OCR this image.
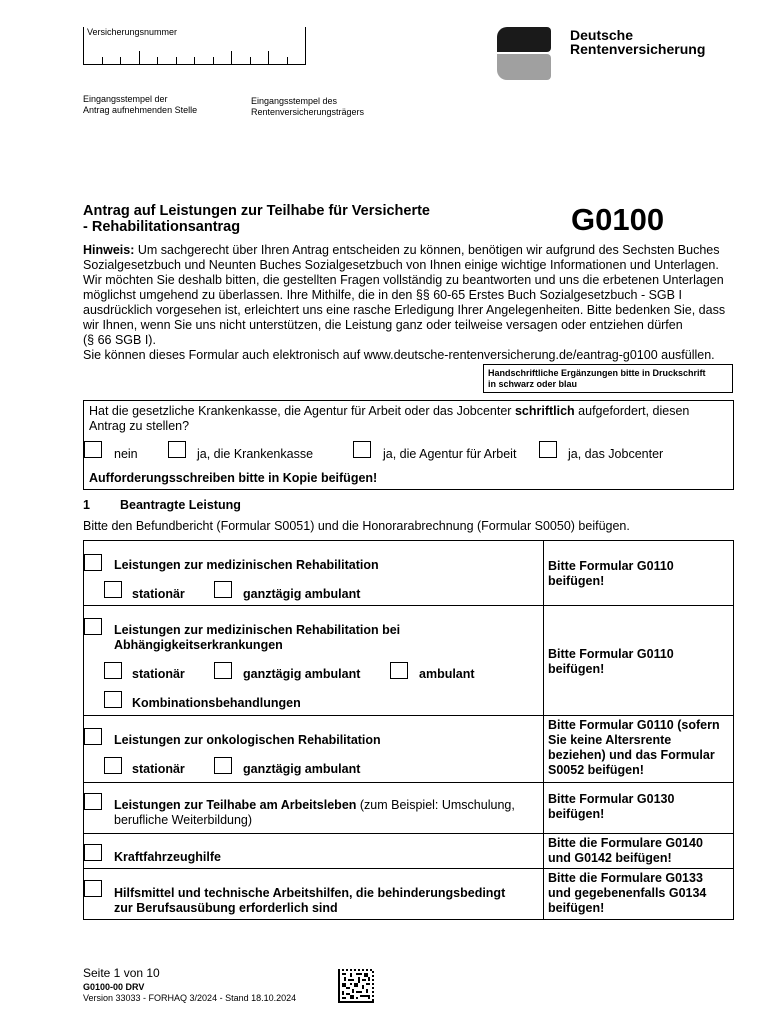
Versicherungsnummer
Eingangsstempel der
Antrag aufnehmenden Stelle
Eingangsstempel des
Rentenversicherungsträgers
Deutsche
Rentenversicherung
Antrag auf Leistungen zur Teilhabe für Versicherte
- Rehabilitationsantrag	G0100
Hinweis: Um sachgerecht über Ihren Antrag entscheiden zu können, benötigen wir aufgrund des Sechsten Buches
Sozialgesetzbuch und Neunten Buches Sozialgesetzbuch von Ihnen einige wichtige Informationen und Unterlagen.
Wir möchten Sie deshalb bitten, die gestellten Fragen vollständig zu beantworten und uns die erbetenen Unterlagen
möglichst umgehend zu überlassen. Ihre Mithilfe, die in den §§ 60-65 Erstes Buch Sozialgesetzbuch - SGB I
ausdrücklich vorgesehen ist, erleichtert uns eine rasche Erledigung Ihrer Angelegenheiten. Bitte bedenken Sie, dass
wir Ihnen, wenn Sie uns nicht unterstützen, die Leistung ganz oder teilweise versagen oder entziehen dürfen
(§ 66 SGB I).
Sie können dieses Formular auch elektronisch auf www.deutsche-rentenversicherung.de/eantrag-g0100 ausfüllen.
Handschriftliche Ergänzungen bitte in Druckschrift
in schwarz oder blau
Hat die gesetzliche Krankenkasse, die Agentur für Arbeit oder das Jobcenter schriftlich aufgefordert, diesen
Antrag zu stellen?
nein	ja, die Krankenkasse	ja, die Agentur für Arbeit	ja, das Jobcenter
Aufforderungsschreiben bitte in Kopie beifügen!
1 Beantragte Leistung
Bitte den Befundbericht (Formular S0051) und die Honorarabrechnung (Formular S0050) beifügen.
Leistungen zur medizinischen Rehabilitation
stationär	ganztägig ambulant
Bitte Formular G0110
beifügen!
Leistungen zur medizinischen Rehabilitation bei
Abhängigkeitserkrankungen
stationär	ganztägig ambulant	ambulant
Kombinationsbehandlungen
Bitte Formular G0110
beifügen!
Leistungen zur onkologischen Rehabilitation
stationär	ganztägig ambulant
Bitte Formular G0110 (sofern
Sie keine Altersrente
beziehen) und das Formular
S0052 beifügen!
Leistungen zur Teilhabe am Arbeitsleben (zum Beispiel: Umschulung,
berufliche Weiterbildung)
Bitte Formular G0130
beifügen!
Kraftfahrzeughilfe
Bitte die Formulare G0140
und G0142 beifügen!
Hilfsmittel und technische Arbeitshilfen, die behinderungsbedingt
zur Berufsausübung erforderlich sind
Bitte die Formulare G0133
und gegebenenfalls G0134
beifügen!
Seite 1 von 10
G0100-00 DRV
Version 33033 - FORHAQ 3/2024 - Stand 18.10.2024
